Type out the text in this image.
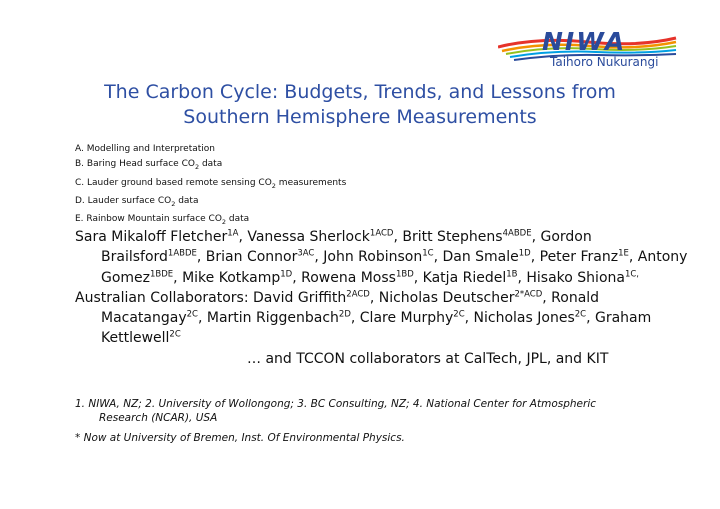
NIWA
Taihoro Nukurangi
The Carbon Cycle: Budgets, Trends, and Lessons from
Southern Hemisphere Measurements
A. Modelling and Interpretation
B. Baring Head surface $CO_2$ data
C. Lauder ground based remote sensing $CO_2$ measurements
D. Lauder surface $CO_2$ data
E. Rainbow Mountain surface $CO_2$ data
Sara Mikaloff Fletcher$^{1A}$, Vanessa Sherlock$^{1ACD}$, Britt Stephens$^{4ABDE}$, Gordon Brailsford$^{1ABDE}$, Brian Connor$^{3AC}$, John Robinson$^{1C}$, Dan Smale$^{1D}$, Peter Franz$^{1E}$, Antony Gomez$^{1BDE}$, Mike Kotkamp$^{1D}$, Rowena Moss$^{1BD}$, Katja Riedel$^{1B}$, Hisako Shiona$^{1C,}$
Australian Collaborators: David Griffith$^{2ACD}$, Nicholas Deutscher$^{2*ACD}$, Ronald Macatangay$^{2C}$, Martin Riggenbach$^{2D}$, Clare Murphy$^{2C}$, Nicholas Jones$^{2C}$, Graham Kettlewell$^{2C}$
… and TCCON collaborators at CalTech, JPL, and KIT
1. NIWA, NZ; 2. University of Wollongong; 3. BC Consulting, NZ; 4. National Center for Atmospheric
Research (NCAR), USA
* Now at University of Bremen, Inst. Of Environmental Physics.
